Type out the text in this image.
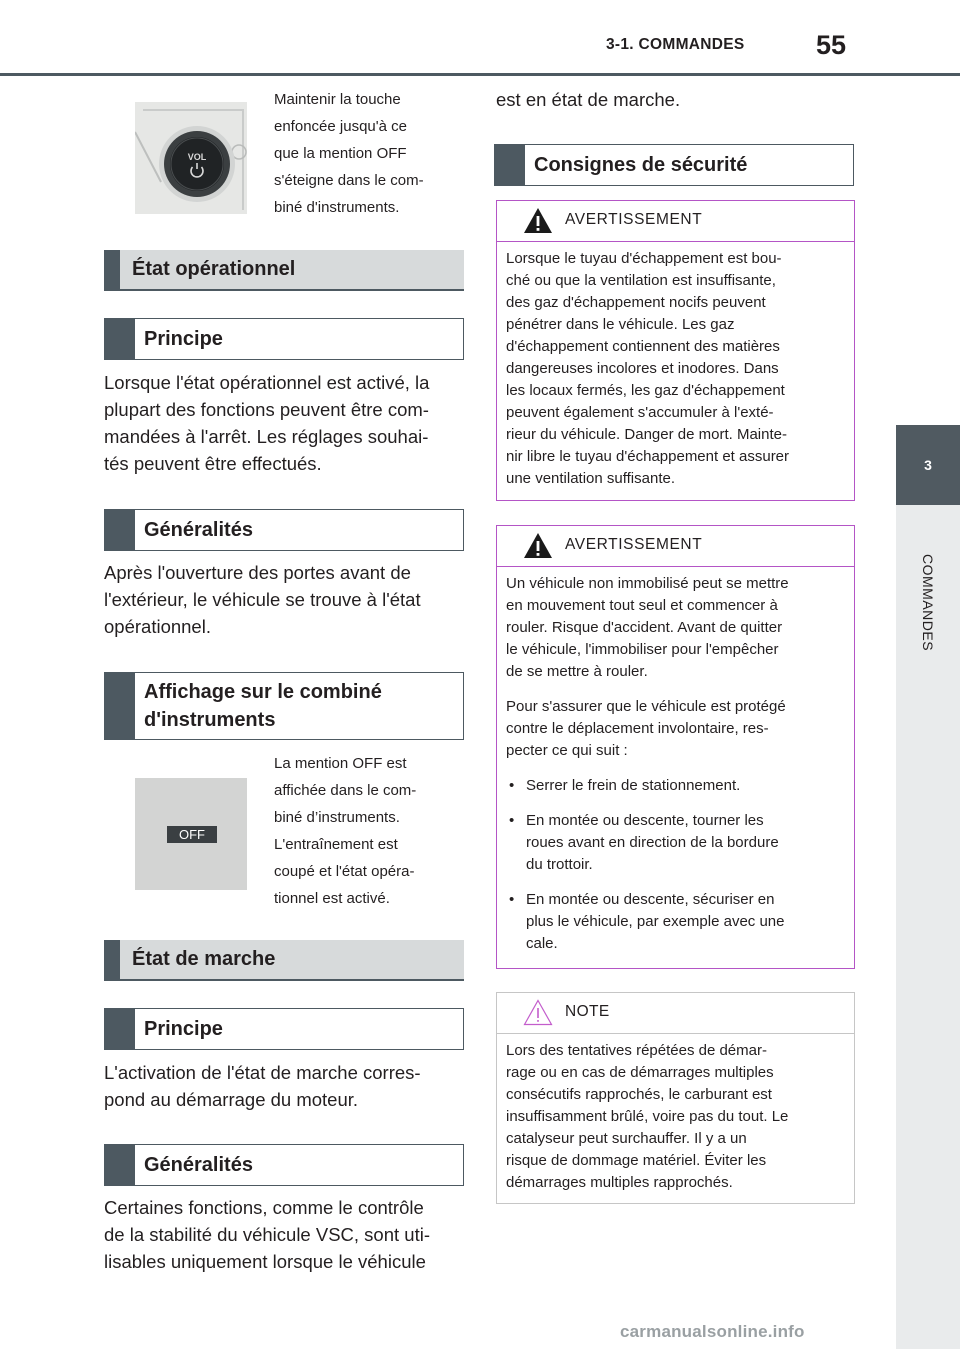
3-1. COMMANDES	55
3
COMMANDES
VOL
Maintenir la touche
enfoncée jusqu'à ce
que la mention OFF
s'éteigne dans le com-
biné d'instruments.
État opérationnel
Principe
Lorsque l'état opérationnel est activé, la
plupart des fonctions peuvent être com-
mandées à l'arrêt. Les réglages souhai-
tés peuvent être effectués.
Généralités
Après l'ouverture des portes avant de
l'extérieur, le véhicule se trouve à l'état
opérationnel.
Affichage sur le combiné
d'instruments
OFF
La mention OFF est
affichée dans le com-
biné d’instruments.
L'entraînement est
coupé et l'état opéra-
tionnel est activé.
État de marche
Principe
L'activation de l'état de marche corres-
pond au démarrage du moteur.
Généralités
Certaines fonctions, comme le contrôle
de la stabilité du véhicule VSC, sont uti-
lisables uniquement lorsque le véhicule
est en état de marche.
Consignes de sécurité
AVERTISSEMENT
Lorsque le tuyau d'échappement est bou-
ché ou que la ventilation est insuffisante,
des gaz d'échappement nocifs peuvent
pénétrer dans le véhicule. Les gaz
d'échappement contiennent des matières
dangereuses incolores et inodores. Dans
les locaux fermés, les gaz d'échappement
peuvent également s'accumuler à l'exté-
rieur du véhicule. Danger de mort. Mainte-
nir libre le tuyau d'échappement et assurer
une ventilation suffisante.
AVERTISSEMENT

Un véhicule non immobilisé peut se mettre
en mouvement tout seul et commencer à
rouler. Risque d'accident. Avant de quitter
le véhicule, l'immobiliser pour l'empêcher
de se mettre à rouler.

Pour s'assurer que le véhicule est protégé
contre le déplacement involontaire, res-
pecter ce qui suit :

• Serrer le frein de stationnement.
• En montée ou descente, tourner les
roues avant en direction de la bordure
du trottoir.
• En montée ou descente, sécuriser en
plus le véhicule, par exemple avec une
cale.
NOTE
Lors des tentatives répétées de démar-
rage ou en cas de démarrages multiples
consécutifs rapprochés, le carburant est
insuffisamment brûlé, voire pas du tout. Le
catalyseur peut surchauffer. Il y a un
risque de dommage matériel. Éviter les
démarrages multiples rapprochés.
carmanualsonline.info
